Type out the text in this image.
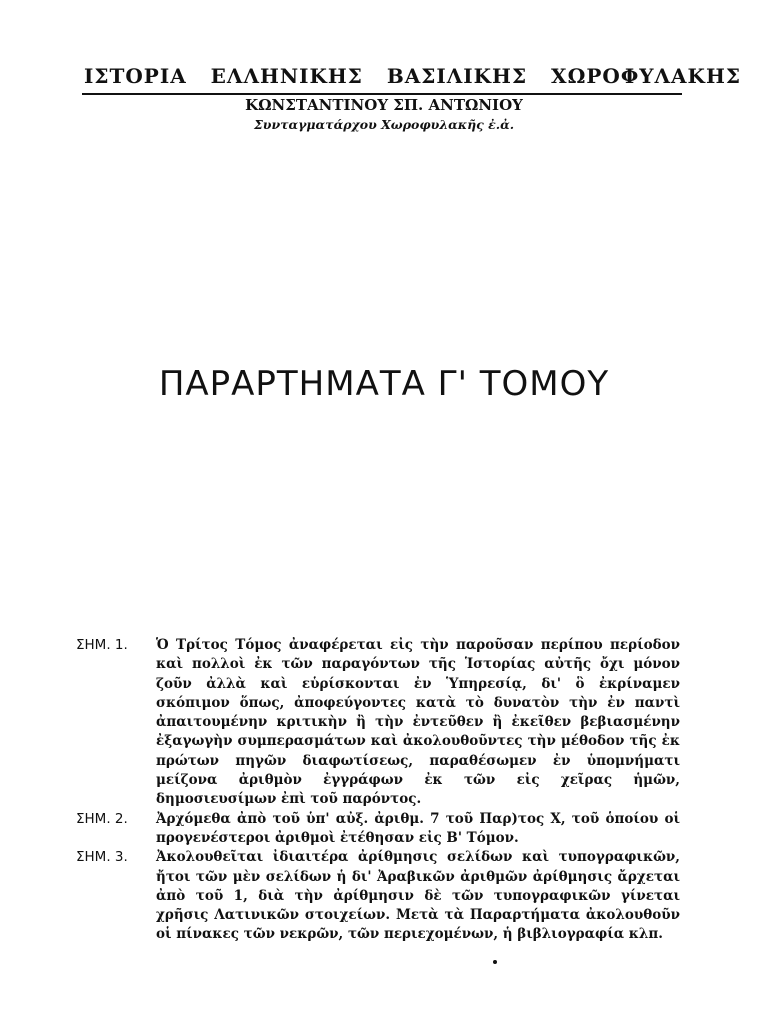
ΙΣΤΟΡΙΑ ΕΛΛΗΝΙΚΗΣ ΒΑΣΙΛΙΚΗΣ ΧΩΡΟΦΥΛΑΚΗΣ
ΚΩΝΣΤΑΝΤΙΝΟΥ ΣΠ. ΑΝΤΩΝΙΟΥ
Συνταγματάρχου Χωροφυλακῆς ἐ.ἀ.
ΠΑΡΑΡΤΗΜΑΤΑ Γ' ΤΟΜΟΥ
ΣΗΜ. 1.	Ὁ Τρίτος Τόμος ἀναφέρεται εἰς τὴν παροῦσαν περίπου περίοδον καὶ πολλοὶ ἐκ τῶν παραγόντων τῆς Ἱστορίας αὐτῆς ὄχι μόνον ζοῦν ἀλλὰ καὶ εὑρίσκονται ἐν Ὑπηρεσίᾳ, δι' ὃ ἐκρίναμεν σκόπιμον ὅπως, ἀποφεύγοντες κατὰ τὸ δυνατὸν τὴν ἐν παντὶ ἀπαιτουμένην κριτικὴν ἢ τὴν ἐντεῦθεν ἢ ἐκεῖθεν βεβιασμένην ἐξαγωγὴν συμπερασμάτων καὶ ἀκολουθοῦντες τὴν μέθοδον τῆς ἐκ πρώτων πηγῶν διαφωτίσεως, παραθέσωμεν ἐν ὑπομνήματι μείζονα ἀριθμὸν ἐγγράφων ἐκ τῶν εἰς χεῖρας ἡμῶν, δημοσιευσίμων ἐπὶ τοῦ παρόντος.
ΣΗΜ. 2.	Ἀρχόμεθα ἀπὸ τοῦ ὑπ' αὐξ. ἀριθμ. 7 τοῦ Παρ)τος Χ, τοῦ ὁποίου οἱ προγενέστεροι ἀριθμοὶ ἐτέθησαν εἰς Β' Τόμον.
ΣΗΜ. 3.	Ἀκολουθεῖται ἰδιαιτέρα ἀρίθμησις σελίδων καὶ τυπογραφικῶν, ἤτοι τῶν μὲν σελίδων ἡ δι' Ἀραβικῶν ἀριθμῶν ἀρίθμησις ἄρχεται ἀπὸ τοῦ 1, διὰ τὴν ἀρίθμησιν δὲ τῶν τυπογραφικῶν γίνεται χρῆσις Λατινικῶν στοιχείων. Μετὰ τὰ Παραρτήματα ἀκολουθοῦν οἱ πίνακες τῶν νεκρῶν, τῶν περιεχομένων, ἡ βιβλιογραφία κλπ.
